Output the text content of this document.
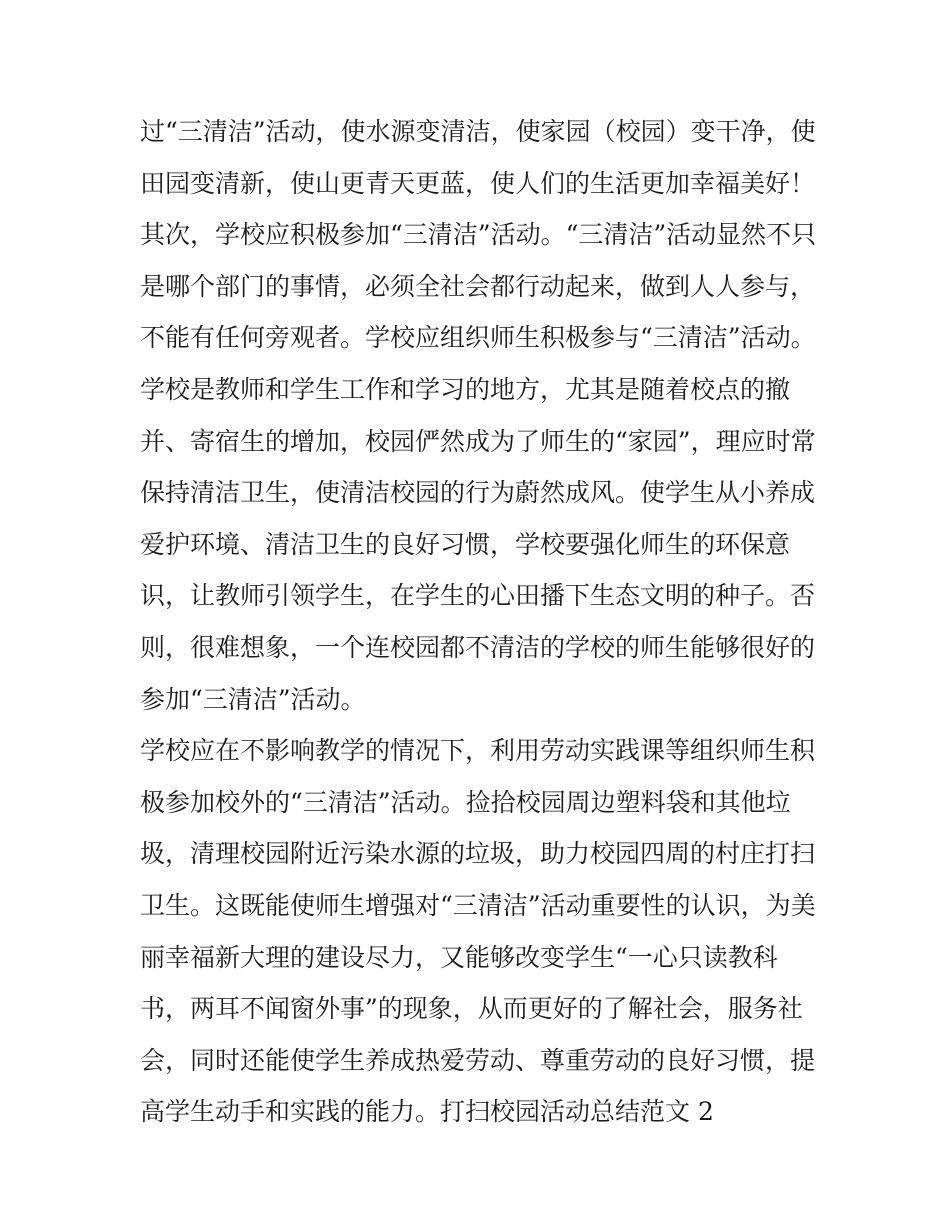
过“三清洁”活动，使水源变清洁，使家园（校园）变干净，使
田园变清新，使山更青天更蓝，使人们的生活更加幸福美好！
其次，学校应积极参加“三清洁”活动。“三清洁”活动显然不只
是哪个部门的事情，必须全社会都行动起来，做到人人参与，
不能有任何旁观者。学校应组织师生积极参与“三清洁”活动。
学校是教师和学生工作和学习的地方，尤其是随着校点的撤
并、寄宿生的增加，校园俨然成为了师生的“家园”，理应时常
保持清洁卫生，使清洁校园的行为蔚然成风。使学生从小养成
爱护环境、清洁卫生的良好习惯，学校要强化师生的环保意
识，让教师引领学生，在学生的心田播下生态文明的种子。否
则，很难想象，一个连校园都不清洁的学校的师生能够很好的
参加“三清洁”活动。
学校应在不影响教学的情况下，利用劳动实践课等组织师生积
极参加校外的“三清洁”活动。捡拾校园周边塑料袋和其他垃
圾，清理校园附近污染水源的垃圾，助力校园四周的村庄打扫
卫生。这既能使师生增强对“三清洁”活动重要性的认识，为美
丽幸福新大理的建设尽力，又能够改变学生“一心只读教科
书，两耳不闻窗外事”的现象，从而更好的了解社会，服务社
会，同时还能使学生养成热爱劳动、尊重劳动的良好习惯，提
高学生动手和实践的能力。打扫校园活动总结范文 2
